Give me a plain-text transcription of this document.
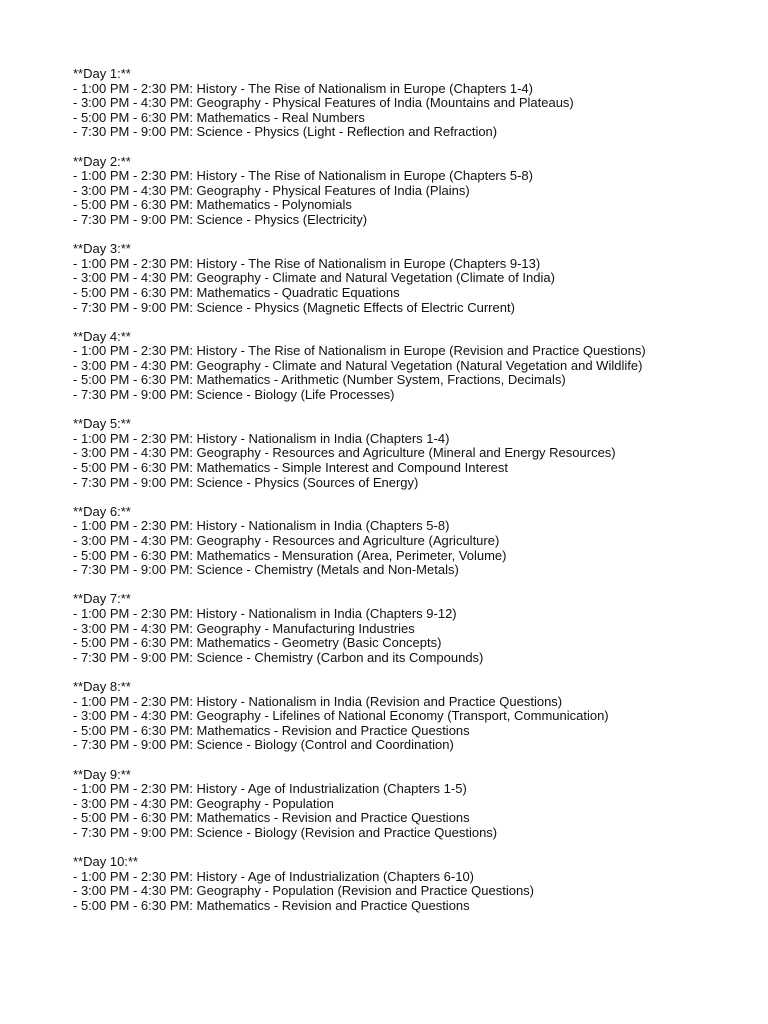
**Day 1:**
- 1:00 PM - 2:30 PM: History - The Rise of Nationalism in Europe (Chapters 1-4)
- 3:00 PM - 4:30 PM: Geography - Physical Features of India (Mountains and Plateaus)
- 5:00 PM - 6:30 PM: Mathematics - Real Numbers
- 7:30 PM - 9:00 PM: Science - Physics (Light - Reflection and Refraction)
**Day 2:**
- 1:00 PM - 2:30 PM: History - The Rise of Nationalism in Europe (Chapters 5-8)
- 3:00 PM - 4:30 PM: Geography - Physical Features of India (Plains)
- 5:00 PM - 6:30 PM: Mathematics - Polynomials
- 7:30 PM - 9:00 PM: Science - Physics (Electricity)
**Day 3:**
- 1:00 PM - 2:30 PM: History - The Rise of Nationalism in Europe (Chapters 9-13)
- 3:00 PM - 4:30 PM: Geography - Climate and Natural Vegetation (Climate of India)
- 5:00 PM - 6:30 PM: Mathematics - Quadratic Equations
- 7:30 PM - 9:00 PM: Science - Physics (Magnetic Effects of Electric Current)
**Day 4:**
- 1:00 PM - 2:30 PM: History - The Rise of Nationalism in Europe (Revision and Practice Questions)
- 3:00 PM - 4:30 PM: Geography - Climate and Natural Vegetation (Natural Vegetation and Wildlife)
- 5:00 PM - 6:30 PM: Mathematics - Arithmetic (Number System, Fractions, Decimals)
- 7:30 PM - 9:00 PM: Science - Biology (Life Processes)
**Day 5:**
- 1:00 PM - 2:30 PM: History - Nationalism in India (Chapters 1-4)
- 3:00 PM - 4:30 PM: Geography - Resources and Agriculture (Mineral and Energy Resources)
- 5:00 PM - 6:30 PM: Mathematics - Simple Interest and Compound Interest
- 7:30 PM - 9:00 PM: Science - Physics (Sources of Energy)
**Day 6:**
- 1:00 PM - 2:30 PM: History - Nationalism in India (Chapters 5-8)
- 3:00 PM - 4:30 PM: Geography - Resources and Agriculture (Agriculture)
- 5:00 PM - 6:30 PM: Mathematics - Mensuration (Area, Perimeter, Volume)
- 7:30 PM - 9:00 PM: Science - Chemistry (Metals and Non-Metals)
**Day 7:**
- 1:00 PM - 2:30 PM: History - Nationalism in India (Chapters 9-12)
- 3:00 PM - 4:30 PM: Geography - Manufacturing Industries
- 5:00 PM - 6:30 PM: Mathematics - Geometry (Basic Concepts)
- 7:30 PM - 9:00 PM: Science - Chemistry (Carbon and its Compounds)
**Day 8:**
- 1:00 PM - 2:30 PM: History - Nationalism in India (Revision and Practice Questions)
- 3:00 PM - 4:30 PM: Geography - Lifelines of National Economy (Transport, Communication)
- 5:00 PM - 6:30 PM: Mathematics - Revision and Practice Questions
- 7:30 PM - 9:00 PM: Science - Biology (Control and Coordination)
**Day 9:**
- 1:00 PM - 2:30 PM: History - Age of Industrialization (Chapters 1-5)
- 3:00 PM - 4:30 PM: Geography - Population
- 5:00 PM - 6:30 PM: Mathematics - Revision and Practice Questions
- 7:30 PM - 9:00 PM: Science - Biology (Revision and Practice Questions)
**Day 10:**
- 1:00 PM - 2:30 PM: History - Age of Industrialization (Chapters 6-10)
- 3:00 PM - 4:30 PM: Geography - Population (Revision and Practice Questions)
- 5:00 PM - 6:30 PM: Mathematics - Revision and Practice Questions
